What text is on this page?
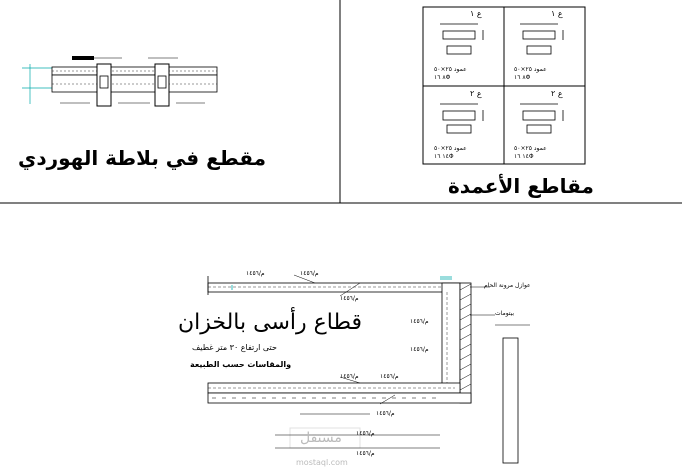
مقطع في بلاطة الهوردي
ع ١
عمود ٢٥×٥٠
٨ ١٦Φ
ع ١
عمود ٢٥×٥٠
٨ ١٦Φ
ع ٢
عمود ٢٥×٥٠
١٤ ١٦Φ
ع ٢
عمود ٢٥×٥٠
١٤ ١٦Φ
مقاطع الأعمدة
قطاع رأسى بالخزان
حتى ارتفاع ٣٠ متر غطيف
والمقاسات حسب الطبيعة
م/١٤٥٦	م/١٤٥٦
م/١٤٥٦
م/١٤٥٦
م/١٤٥٦
م/١٤٥٦	م/١٤٥٦
م/١٤٥٦
م/١٤٥٦
م/١٤٥٦
عوازل مرونة الحام
بيتومات
مستقل
mostaql.com
